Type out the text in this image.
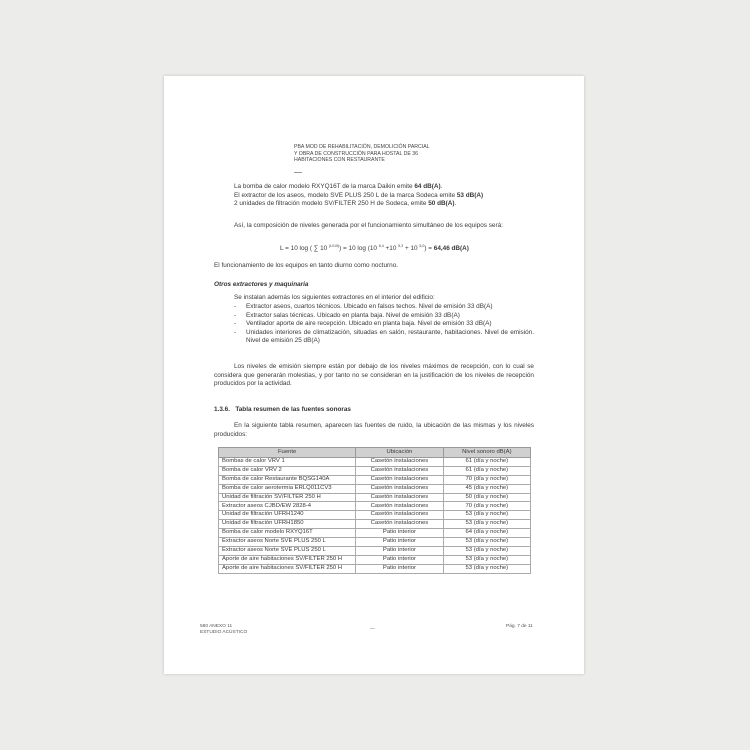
PBA MOD DE REHABILITACIÓN, DEMOLICIÓN PARCIAL
Y OBRA DE CONSTRUCCIÓN PARA HOSTAL DE 36
HABITACIONES CON RESTAURANTE
La bomba de calor modelo RXYQ16T de la marca Daikin emite 64 dB(A).
El extractor de los aseos, modelo SVE PLUS 250 L de la marca Sodeca emite 53 dB(A)
2 unidades de filtración modelo SV/FILTER 250 H de Sodeca, emite 50 dB(A).
Así, la composición de niveles generada por el funcionamiento simultáneo de los equipos será:
L = 10 log ( ∑ 10 $^{(Li/10)}$) = 10 log (10 $^{6,4}$ +10 $^{5,3}$ + 10 $^{5,0}$) = 64,46 dB(A)
El funcionamiento de los equipos en tanto diurno como nocturno.
Otros extractores y maquinaria
Se instalan además los siguientes extractores en el interior del edificio:
-	Extractor aseos, cuartos técnicos. Ubicado en falsos techos. Nivel de emisión 33 dB(A)
-	Extractor salas técnicas. Ubicado en planta baja. Nivel de emisión 33 dB(A)
-	Ventilador aporte de aire recepción. Ubicado en planta baja. Nivel de emisión 33 dB(A)
-	Unidades interiores de climatización, situadas en salón, restaurante, habitaciones. Nivel de emisión. Nivel de emisión 25 dB(A)
Los niveles de emisión siempre están por debajo de los niveles máximos de recepción, con lo cual se considera que generarán molestias, y por tanto no se consideran en la justificación de los niveles de recepción producidos por la actividad.
1.3.6. Tabla resumen de las fuentes sonoras
En la siguiente tabla resumen, aparecen las fuentes de ruido, la ubicación de las mismas y los niveles producidos:
Fuente	Ubicación	Nivel sonoro dB(A)
Bombas de calor VRV 1	Casetón instalaciones	61 (día y noche)
Bomba de calor VRV 2	Casetón instalaciones	61 (día y noche)
Bomba de calor Restaurante BQSG140A	Casetón instalaciones	70 (día y noche)
Bomba de calor aerotermia ERLQ011CV3	Casetón instalaciones	45 (día y noche)
Unidad de filtración SV/FILTER 250 H	Casetón instalaciones	50 (día y noche)
Extractor aseos CJBD/EW 2828-4	Casetón instalaciones	70 (día y noche)
Unidad de filtración UFRH1240	Casetón instalaciones	53 (día y noche)
Unidad de filtración UFRH1850	Casetón instalaciones	53 (día y noche)
Bomba de calor modelo RXYQ16T	Patio interior	64 (día y noche)
Extractor aseos Norte SVE PLUS 250 L	Patio interior	53 (día y noche)
Extractor aseos Norte SVE PLUS 250 L	Patio interior	53 (día y noche)
Aporte de aire habitaciones SV/FILTER 250 H	Patio interior	53 (día y noche)
Aporte de aire habitaciones SV/FILTER 250 H	Patio interior	53 (día y noche)
580 ANEXO 11
ESTUDIO ACÚSTICO
—
Pág. 7 de 11
